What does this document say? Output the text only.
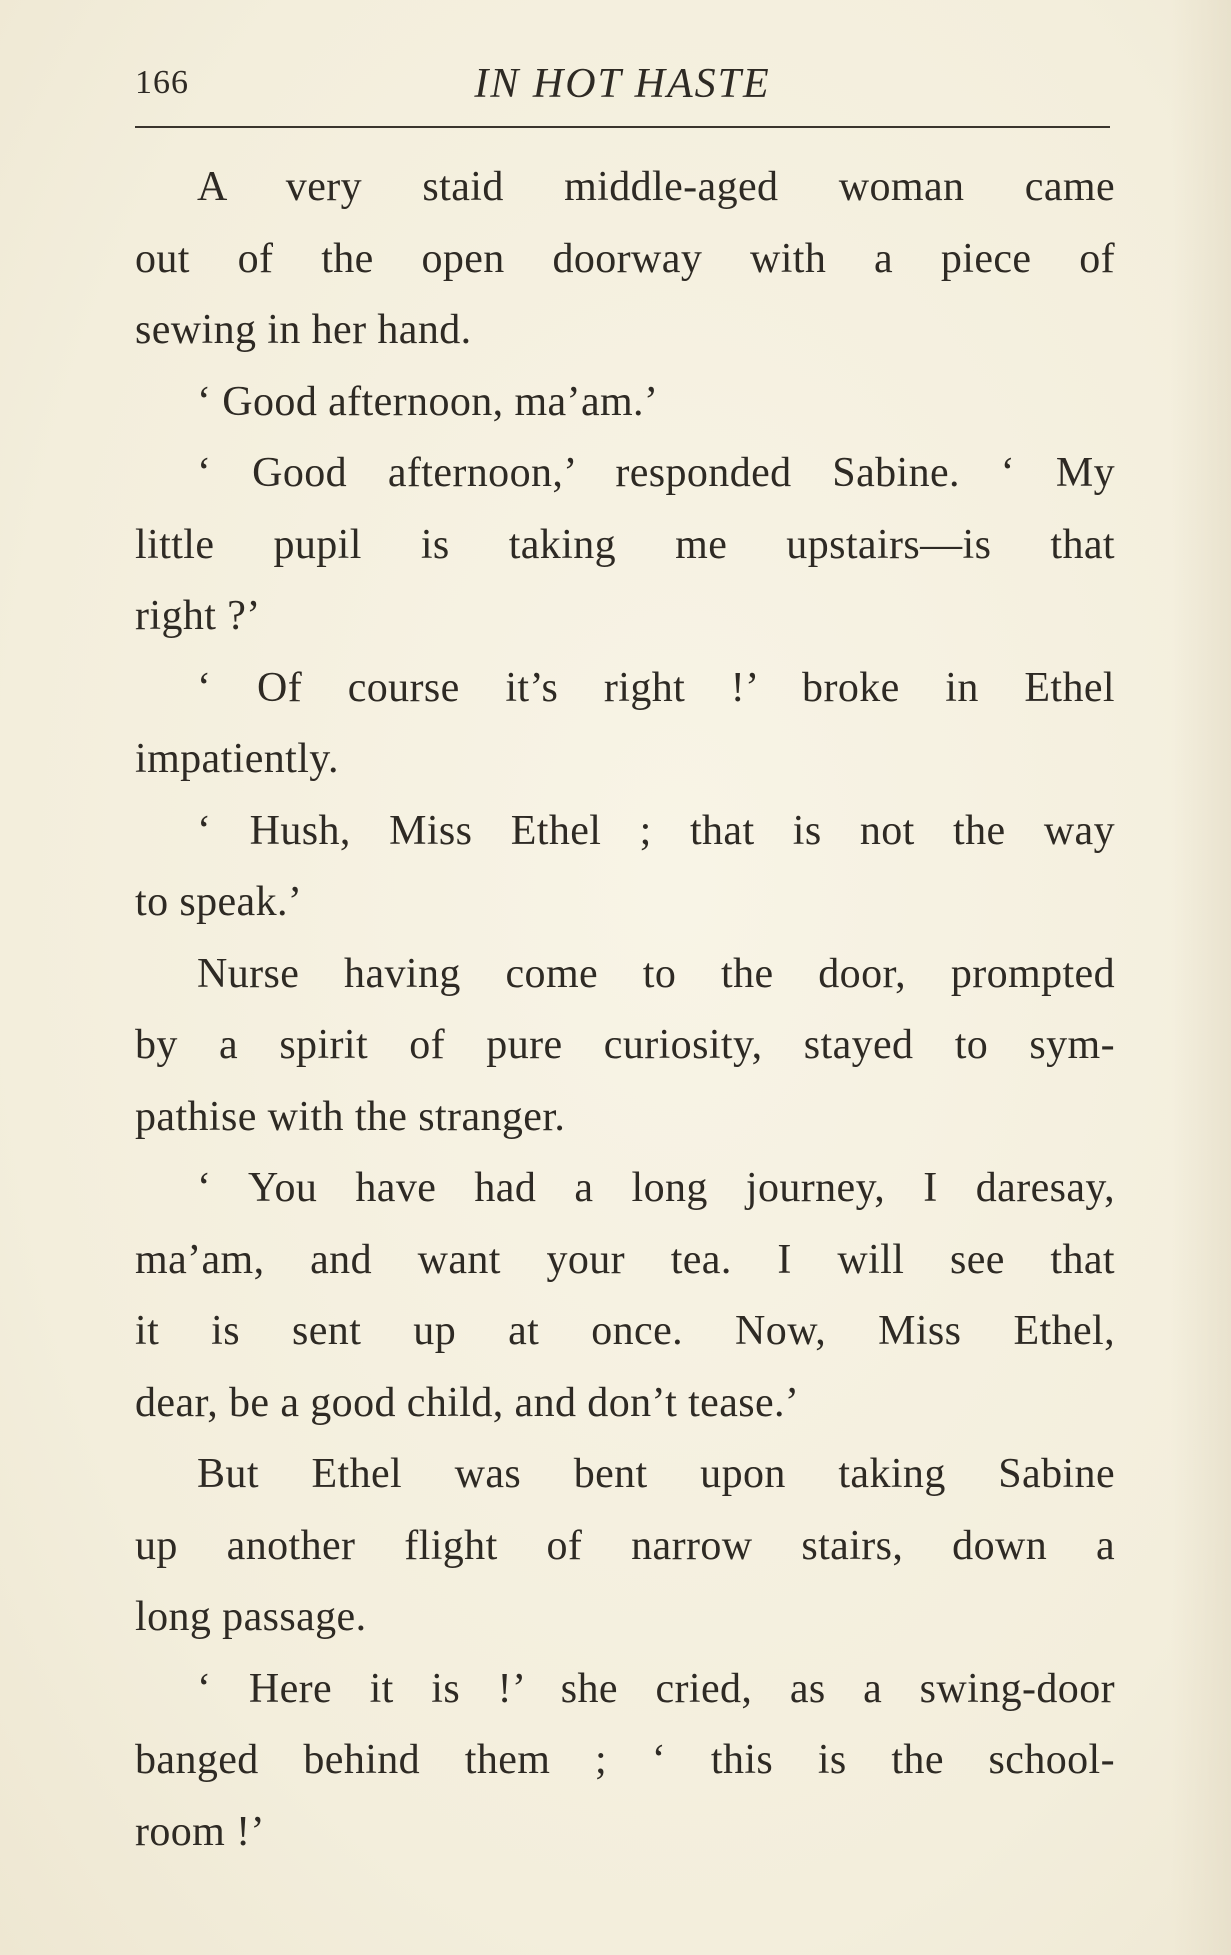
166	IN HOT HASTE
A very staid middle-aged woman came
out of the open doorway with a piece of
sewing in her hand.
‘ Good afternoon, ma’am.’
‘ Good afternoon,’ responded Sabine. ‘ My
little pupil is taking me upstairs—is that
right ?’
‘ Of course it’s right !’ broke in Ethel
impatiently.
‘ Hush, Miss Ethel ; that is not the way
to speak.’
Nurse having come to the door, prompted
by a spirit of pure curiosity, stayed to sym-
pathise with the stranger.
‘ You have had a long journey, I daresay,
ma’am, and want your tea. I will see that
it is sent up at once. Now, Miss Ethel,
dear, be a good child, and don’t tease.’
But Ethel was bent upon taking Sabine
up another flight of narrow stairs, down a
long passage.
‘ Here it is !’ she cried, as a swing-door
banged behind them ; ‘ this is the school-
room !’
